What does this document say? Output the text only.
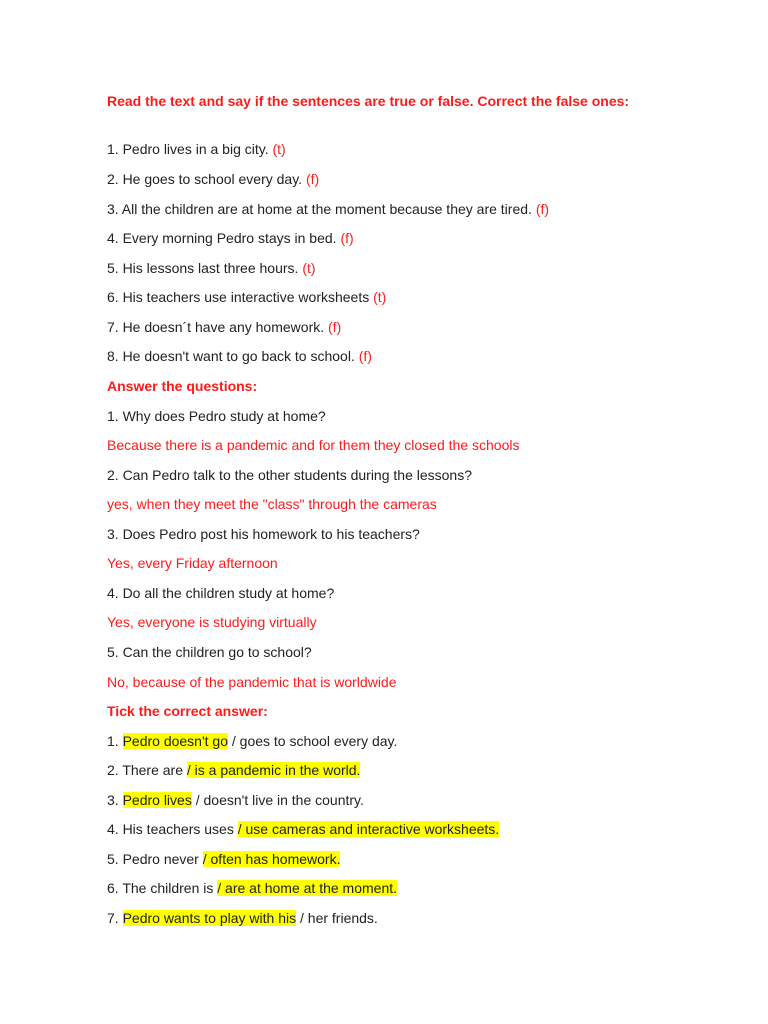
Read the text and say if the sentences are true or false. Correct the false ones:
1. Pedro lives in a big city. (t)
2. He goes to school every day. (f)
3. All the children are at home at the moment because they are tired. (f)
4. Every morning Pedro stays in bed. (f)
5. His lessons last three hours. (t)
6. His teachers use interactive worksheets (t)
7. He doesn´t have any homework. (f)
8. He doesn't want to go back to school. (f)
Answer the questions:
1. Why does Pedro study at home?
Because there is a pandemic and for them they closed the schools
2. Can Pedro talk to the other students during the lessons?
yes, when they meet the "class" through the cameras
3. Does Pedro post his homework to his teachers?
Yes, every Friday afternoon
4. Do all the children study at home?
Yes, everyone is studying virtually
5. Can the children go to school?
No, because of the pandemic that is worldwide
Tick the correct answer:
1. Pedro doesn't go / goes to school every day.
2. There are / is a pandemic in the world.
3. Pedro lives / doesn't live in the country.
4. His teachers uses / use cameras and interactive worksheets.
5. Pedro never / often has homework.
6. The children is / are at home at the moment.
7. Pedro wants to play with his / her friends.
